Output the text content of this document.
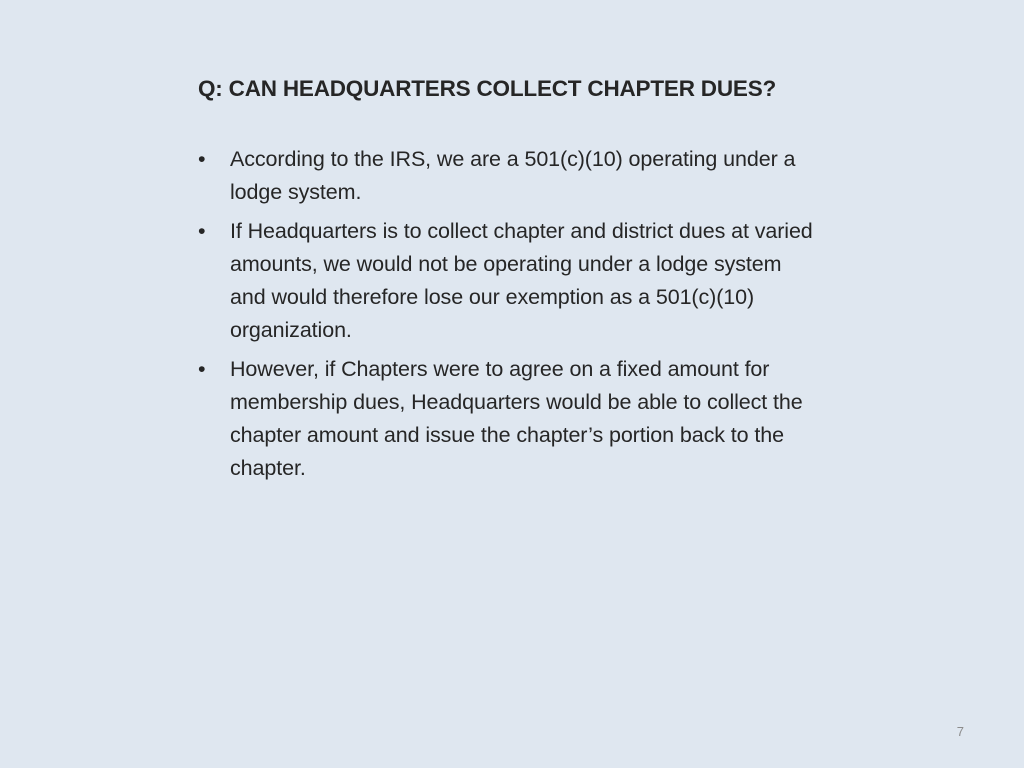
Q: CAN HEADQUARTERS COLLECT CHAPTER DUES?
•	According to the IRS, we are a 501(c)(10) operating under a lodge system.
•	If Headquarters is to collect chapter and district dues at varied amounts, we would not be operating under a lodge system and would therefore lose our exemption as a 501(c)(10) organization.
•	However, if Chapters were to agree on a fixed amount for membership dues, Headquarters would be able to collect the chapter amount and issue the chapter’s portion back to the chapter.
7
